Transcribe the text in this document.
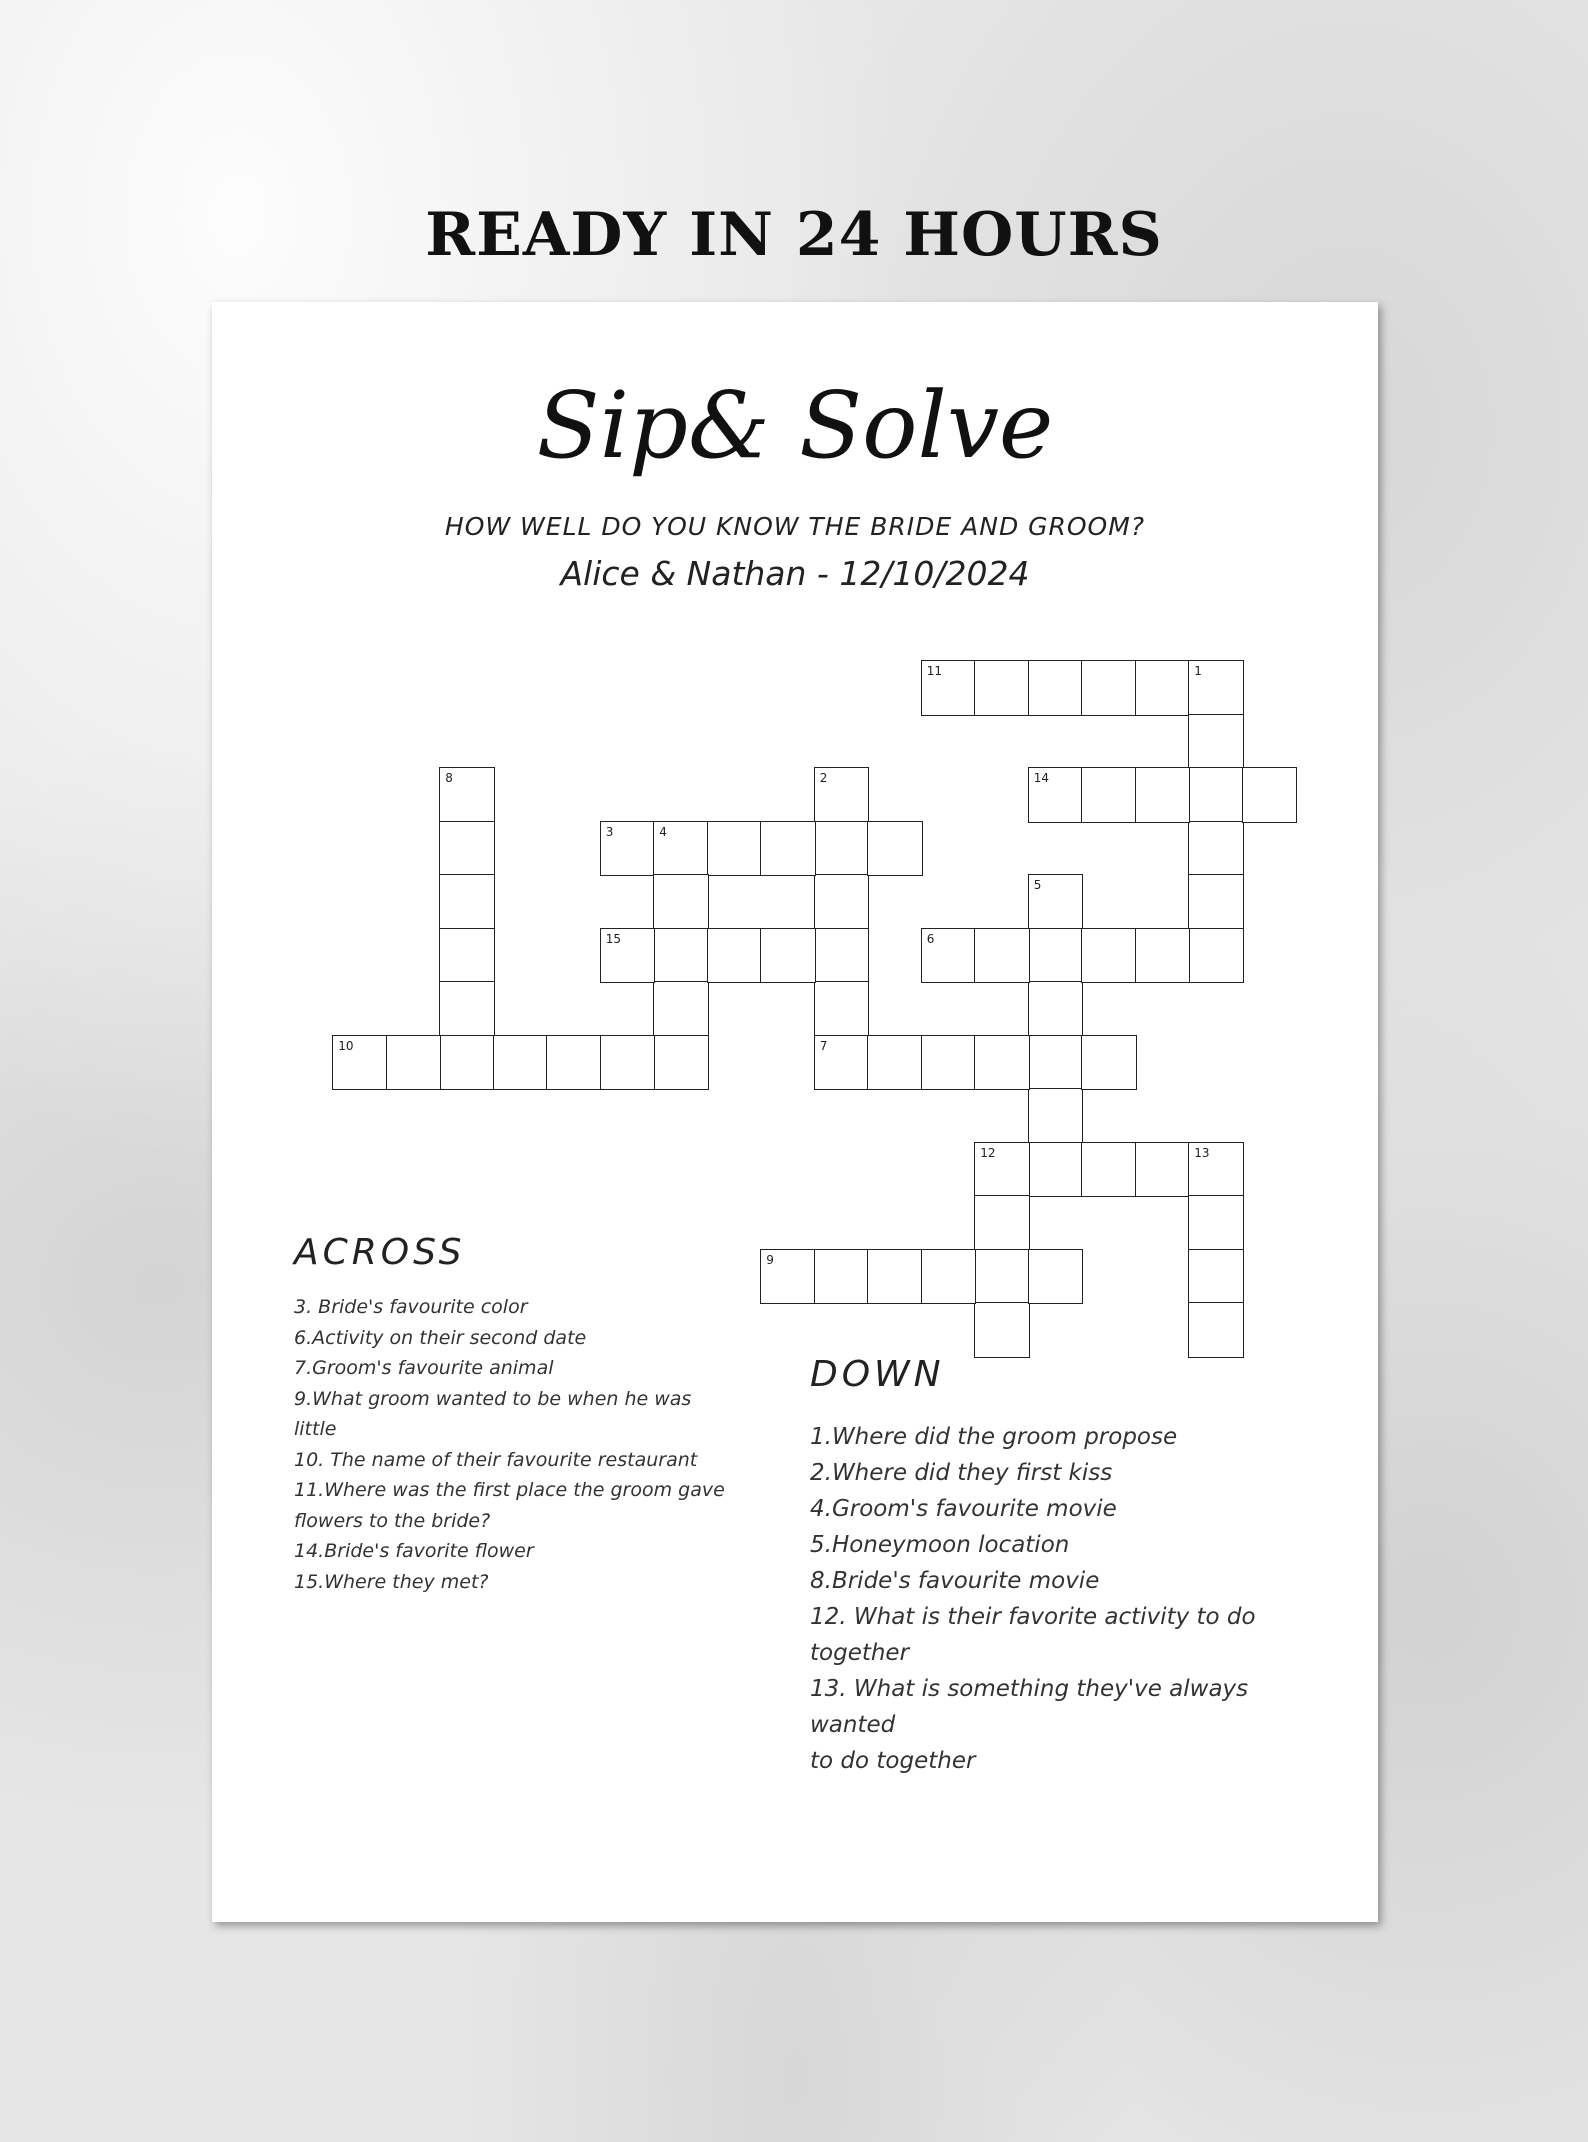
READY IN 24 HOURS
Sip& Solve
HOW WELL DO YOU KNOW THE BRIDE AND GROOM?
Alice & Nathan - 12/10/2024
11	1
8	2
7
14
3	4
5
15	6
10
12	13
9
ACROSS
3. Bride's favourite color
6.Activity on their second date
7.Groom's favourite animal
9.What groom wanted to be when he was little
10. The name of their favourite restaurant
11.Where was the first place the groom gave
flowers to the bride?
14.Bride's favorite flower
15.Where they met?
DOWN
1.Where did the groom propose
2.Where did they first kiss
4.Groom's favourite movie
5.Honeymoon location
8.Bride's favourite movie
12. What is their favorite activity to do
together
13. What is something they've always wanted
to do together
